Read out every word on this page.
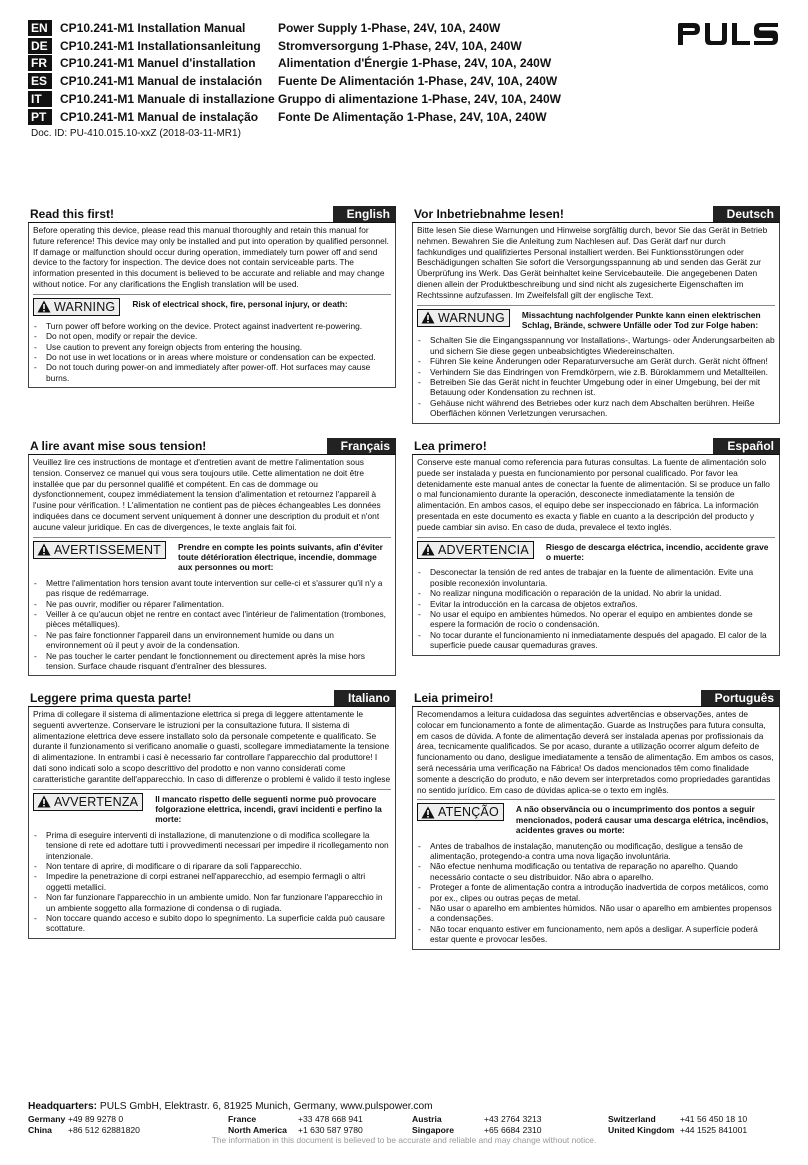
EN	CP10.241-M1 Installation Manual	Power Supply 1-Phase, 24V, 10A, 240W
DE	CP10.241-M1 Installationsanleitung	Stromversorgung 1-Phase, 24V, 10A, 240W
FR	CP10.241-M1 Manuel d'installation	Alimentation d'Énergie 1-Phase, 24V, 10A, 240W
ES	CP10.241-M1 Manual de instalación	Fuente De Alimentación 1-Phase, 24V, 10A, 240W
IT	CP10.241-M1 Manuale di installazione Gruppo di alimentazione 1-Phase, 24V, 10A, 240W
PT	CP10.241-M1 Manual de instalação	Fonte De Alimentação 1-Phase, 24V, 10A, 240W
Doc. ID: PU-410.015.10-xxZ (2018-03-11-MR1)
Read this first!	English

Before operating this device, please read this manual thoroughly and retain this manual for future reference! This device may only be installed and put into operation by qualified personnel. If damage or malfunction should occur during operation, immediately turn power off and send device to the factory for inspection. The device does not contain serviceable parts. The information presented in this document is believed to be accurate and reliable and may change without notice. For any clarifications the English translation will be used.

WARNING Risk of electrical shock, fire, personal injury, or death:
- Turn power off before working on the device. Protect against inadvertent re-powering.
- Do not open, modify or repair the device.
- Use caution to prevent any foreign objects from entering the housing.
- Do not use in wet locations or in areas where moisture or condensation can be expected.
- Do not touch during power-on and immediately after power-off. Hot surfaces may cause burns.
Vor Inbetriebnahme lesen!	Deutsch

Bitte lesen Sie diese Warnungen und Hinweise sorgfältig durch, bevor Sie das Gerät in Betrieb nehmen. Bewahren Sie die Anleitung zum Nachlesen auf. Das Gerät darf nur durch fachkundiges und qualifiziertes Personal installiert werden. Bei Funktionsstörungen oder Beschädigungen schalten Sie sofort die Versorgungsspannung ab und senden das Gerät zur Überprüfung ins Werk. Das Gerät beinhaltet keine Servicebauteile. Die angegebenen Daten dienen allein der Produktbeschreibung und sind nicht als zugesicherte Eigenschaften im Rechtssinne aufzufassen. Im Zweifelsfall gilt der englische Text.

WARNUNG Missachtung nachfolgender Punkte kann einen elektrischen Schlag, Brände, schwere Unfälle oder Tod zur Folge haben:
- Schalten Sie die Eingangsspannung vor Installations-, Wartungs- oder Änderungsarbeiten ab und sichern Sie diese gegen unbeabsichtigtes Wiedereinschalten.
- Führen Sie keine Änderungen oder Reparaturversuche am Gerät durch. Gerät nicht öffnen!
- Verhindern Sie das Eindringen von Fremdkörpern, wie z.B. Büroklammern und Metallteilen.
- Betreiben Sie das Gerät nicht in feuchter Umgebung oder in einer Umgebung, bei der mit Betauung oder Kondensation zu rechnen ist.
- Gehäuse nicht während des Betriebes oder kurz nach dem Abschalten berühren. Heiße Oberflächen können Verletzungen verursachen.
A lire avant mise sous tension!	Français

Veuillez lire ces instructions de montage et d'entretien avant de mettre l'alimentation sous tension. Conservez ce manuel qui vous sera toujours utile. Cette alimentation ne doit être installée que par du personnel qualifié et compétent. En cas de dommage ou dysfonctionnement, coupez immédiatement la tension d'alimentation et retournez l'appareil à l'usine pour vérification. ! L'alimentation ne contient pas de pièces échangeables Les données indiquées dans ce document servent uniquement à donner une description du produit et n'ont aucune valeur juridique. En cas de divergences, le texte anglais fait foi.

AVERTISSEMENT Prendre en compte les points suivants, afin d'éviter toute détérioration électrique, incendie, dommage aux personnes ou mort:
- Mettre l'alimentation hors tension avant toute intervention sur celle-ci et s'assurer qu'il n'y a pas risque de redémarrage.
- Ne pas ouvrir, modifier ou réparer l'alimentation.
- Veiller à ce qu'aucun objet ne rentre en contact avec l'intérieur de l'alimentation (trombones, pièces métalliques).
- Ne pas faire fonctionner l'appareil dans un environnement humide ou dans un environnement où il peut y avoir de la condensation.
- Ne pas toucher le carter pendant le fonctionnement ou directement après la mise hors tension. Surface chaude risquant d'entraîner des blessures.
Lea primero!	Español

Conserve este manual como referencia para futuras consultas. La fuente de alimentación solo puede ser instalada y puesta en funcionamiento por personal cualificado. Por favor lea detenidamente este manual antes de conectar la fuente de alimentación. Si se produce un fallo o mal funcionamiento durante la operación, desconecte inmediatamente la tensión de alimentación. En ambos casos, el equipo debe ser inspeccionado en fábrica. La información presentada en este documento es exacta y fiable en cuanto a la descripción del producto y puede cambiar sin aviso. En caso de duda, prevalece el texto inglés.

ADVERTENCIA Riesgo de descarga eléctrica, incendio, accidente grave o muerte:
- Desconectar la tensión de red antes de trabajar en la fuente de alimentación. Evite una posible reconexión involuntaria.
- No realizar ninguna modificación o reparación de la unidad. No abrir la unidad.
- Evitar la introducción en la carcasa de objetos extraños.
- No usar el equipo en ambientes húmedos. No operar el equipo en ambientes donde se espere la formación de rocío o condensación.
- No tocar durante el funcionamiento ni inmediatamente después del apagado. El calor de la superficie puede causar quemaduras graves.
Leggere prima questa parte!	Italiano

Prima di collegare il sistema di alimentazione elettrica si prega di leggere attentamente le seguenti avvertenze. Conservare le istruzioni per la consultazione futura. Il sistema di alimentazione elettrica deve essere installato solo da personale competente e qualificato. Se durante il funzionamento si verificano anomalie o guasti, scollegare immediatamente la tensione di alimentazione. In entrambi i casi è necessario far controllare l'apparecchio dal produttore! I dati sono indicati solo a scopo descrittivo del prodotto e non vanno considerati come caratteristiche garantite dell'apparecchio. In caso di differenze o problemi è valido il testo inglese

AVVERTENZA Il mancato rispetto delle seguenti norme può provocare folgorazione elettrica, incendi, gravi incidenti e perfino la morte:
- Prima di eseguire interventi di installazione, di manutenzione o di modifica scollegare la tensione di rete ed adottare tutti i provvedimenti necessari per impedire il ricollegamento non intenzionale.
- Non tentare di aprire, di modificare o di riparare da soli l'apparecchio.
- Impedire la penetrazione di corpi estranei nell'apparecchio, ad esempio fermagli o altri oggetti metallici.
- Non far funzionare l'apparecchio in un ambiente umido. Non far funzionare l'apparecchio in un ambiente soggetto alla formazione di condensa o di rugiada.
- Non toccare quando acceso e subito dopo lo spegnimento. La superficie calda può causare scottature.
Leia primeiro!	Português

Recomendamos a leitura cuidadosa das seguintes advertências e observações, antes de colocar em funcionamento a fonte de alimentação. Guarde as Instruções para futura consulta, em casos de dúvida. A fonte de alimentação deverá ser instalada apenas por profissionais da área, tecnicamente qualificados. Se por acaso, durante a utilização ocorrer algum defeito de funcionamento ou dano, desligue imediatamente a tensão de alimentação. Em ambos os casos, será necessária uma verificação na Fábrica! Os dados mencionados têm como finalidade somente a descrição do produto, e não devem ser interpretados como propriedades garantidas no sentido jurídico. Em caso de dúvidas aplica-se o texto em inglês.

ATENÇÃO A não observância ou o incumprimento dos pontos a seguir mencionados, poderá causar uma descarga elétrica, incêndios, acidentes graves ou morte:
- Antes de trabalhos de instalação, manutenção ou modificação, desligue a tensão de alimentação, protegendo-a contra uma nova ligação involuntária.
- Não efectue nenhuma modificação ou tentativa de reparação no aparelho. Quando necessário contacte o seu distribuidor. Não abra o aparelho.
- Proteger a fonte de alimentação contra a introdução inadvertida de corpos metálicos, como por ex., clipes ou outras peças de metal.
- Não usar o aparelho em ambientes húmidos. Não usar o aparelho em ambientes propensos a condensações.
- Não tocar enquanto estiver em funcionamento, nem após a desligar. A superfície poderá estar quente e provocar lesões.
Headquarters: PULS GmbH, Elektrastr. 6, 81925 Munich, Germany, www.pulspower.com
Germany +49 89 9278 0
China +86 512 62881820
France	+33 478 668 941
North America +1 630 587 9780
Austria	+43 2764 3213
Singapore	+65 6684 2310
Switzerland	+41 56 450 18 10
United Kingdom +44 1525 841001
The information in this document is believed to be accurate and reliable and may change without notice.
